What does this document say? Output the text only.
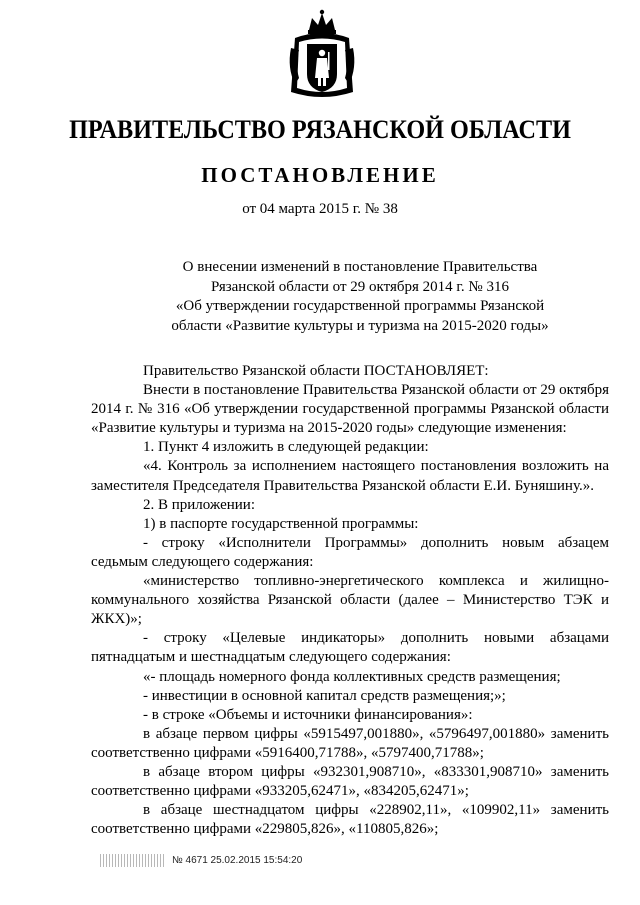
ПРАВИТЕЛЬСТВО РЯЗАНСКОЙ ОБЛАСТИ
ПОСТАНОВЛЕНИЕ
от 04 марта 2015 г. № 38
О внесении изменений в постановление Правительства
Рязанской области от 29 октября 2014 г. № 316
«Об утверждении государственной программы Рязанской
области «Развитие культуры и туризма на 2015-2020 годы»

Правительство Рязанской области ПОСТАНОВЛЯЕТ:

Внести в постановление Правительства Рязанской области от 29 октября 2014 г. № 316 «Об утверждении государственной программы Рязанской области «Развитие культуры и туризма на 2015-2020 годы» следующие изменения:

1. Пункт 4 изложить в следующей редакции:

«4. Контроль за исполнением настоящего постановления возложить на заместителя Председателя Правительства Рязанской области Е.И. Буняшину.».

2. В приложении:

1) в паспорте государственной программы:

- строку «Исполнители Программы» дополнить новым абзацем седьмым следующего содержания:

«министерство топливно-энергетического комплекса и жилищно-коммунального хозяйства Рязанской области (далее – Министерство ТЭК и ЖКХ)»;

- строку «Целевые индикаторы» дополнить новыми абзацами пятнадцатым и шестнадцатым следующего содержания:

«- площадь номерного фонда коллективных средств размещения;

- инвестиции в основной капитал средств размещения;»;

- в строке «Объемы и источники финансирования»:

в абзаце первом цифры «5915497,001880», «5796497,001880» заменить соответственно цифрами «5916400,71788», «5797400,71788»;

в абзаце втором цифры «932301,908710», «833301,908710» заменить соответственно цифрами «933205,62471», «834205,62471»;

в абзаце шестнадцатом цифры «228902,11», «109902,11» заменить соответственно цифрами «229805,826», «110805,826»;

№ 4671 25.02.2015 15:54:20
